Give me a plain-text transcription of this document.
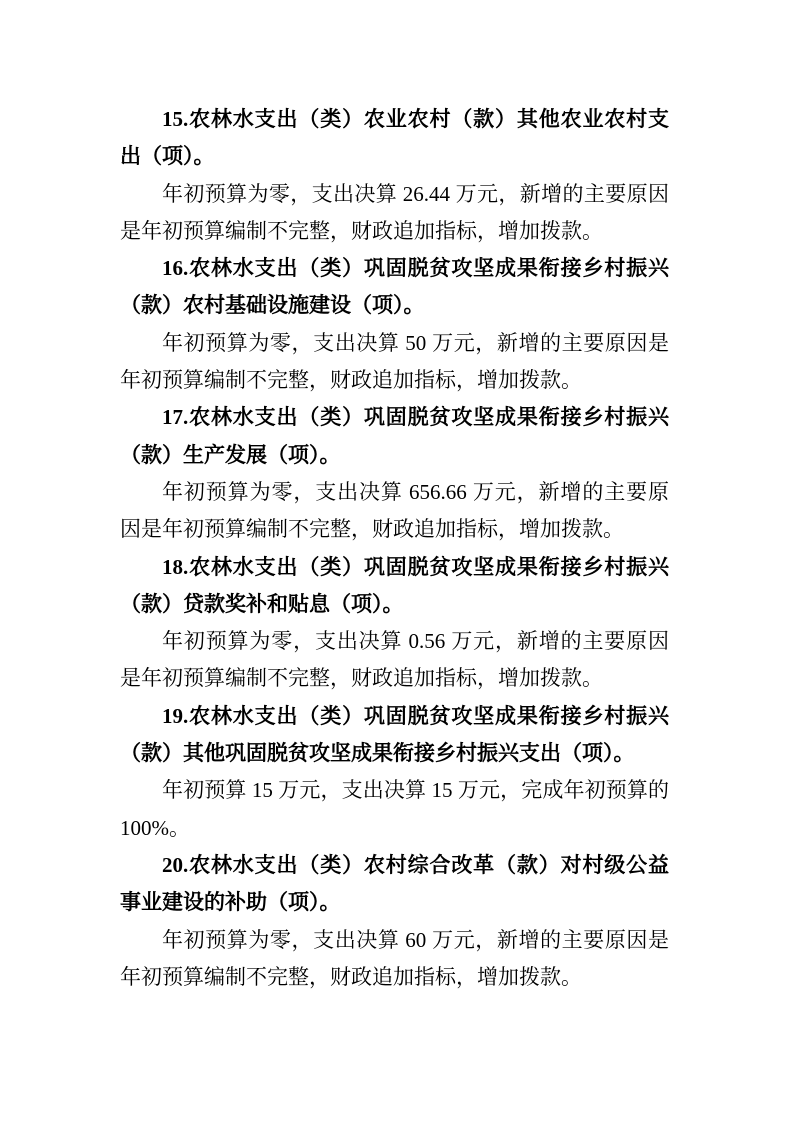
15.农林水支出（类）农业农村（款）其他农业农村支出（项）。

年初预算为零，支出决算 26.44 万元，新增的主要原因是年初预算编制不完整，财政追加指标，增加拨款。

16.农林水支出（类）巩固脱贫攻坚成果衔接乡村振兴（款）农村基础设施建设（项）。

年初预算为零，支出决算 50 万元，新增的主要原因是年初预算编制不完整，财政追加指标，增加拨款。

17.农林水支出（类）巩固脱贫攻坚成果衔接乡村振兴（款）生产发展（项）。

年初预算为零，支出决算 656.66 万元，新增的主要原因是年初预算编制不完整，财政追加指标，增加拨款。

18.农林水支出（类）巩固脱贫攻坚成果衔接乡村振兴（款）贷款奖补和贴息（项）。

年初预算为零，支出决算 0.56 万元，新增的主要原因是年初预算编制不完整，财政追加指标，增加拨款。

19.农林水支出（类）巩固脱贫攻坚成果衔接乡村振兴（款）其他巩固脱贫攻坚成果衔接乡村振兴支出（项）。

年初预算 15 万元，支出决算 15 万元，完成年初预算的 100%。

20.农林水支出（类）农村综合改革（款）对村级公益事业建设的补助（项）。

年初预算为零，支出决算 60 万元，新增的主要原因是年初预算编制不完整，财政追加指标，增加拨款。
